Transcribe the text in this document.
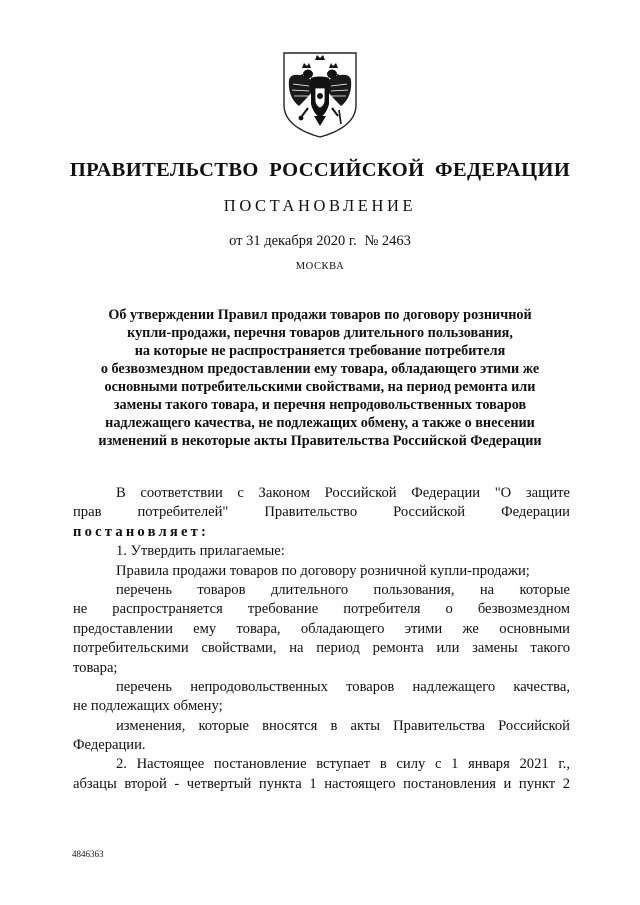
ПРАВИТЕЛЬСТВО РОССИЙСКОЙ ФЕДЕРАЦИИ
ПОСТАНОВЛЕНИЕ
от 31 декабря 2020 г. № 2463
МОСКВА
Об утверждении Правил продажи товаров по договору розничной
купли-продажи, перечня товаров длительного пользования,
на которые не распространяется требование потребителя
о безвозмездном предоставлении ему товара, обладающего этими же
основными потребительскими свойствами, на период ремонта или
замены такого товара, и перечня непродовольственных товаров
надлежащего качества, не подлежащих обмену, а также о внесении
изменений в некоторые акты Правительства Российской Федерации
В соответствии с Законом Российской Федерации "О защите
прав потребителей" Правительство Российской Федерации
постановляет:
1. Утвердить прилагаемые:
Правила продажи товаров по договору розничной купли-продажи;
перечень товаров длительного пользования, на которые
не распространяется требование потребителя о безвозмездном
предоставлении ему товара, обладающего этими же основными
потребительскими свойствами, на период ремонта или замены такого
товара;
перечень непродовольственных товаров надлежащего качества,
не подлежащих обмену;
изменения, которые вносятся в акты Правительства Российской
Федерации.
2. Настоящее постановление вступает в силу с 1 января 2021 г.,
абзацы второй - четвертый пункта 1 настоящего постановления и пункт 2
4846363
